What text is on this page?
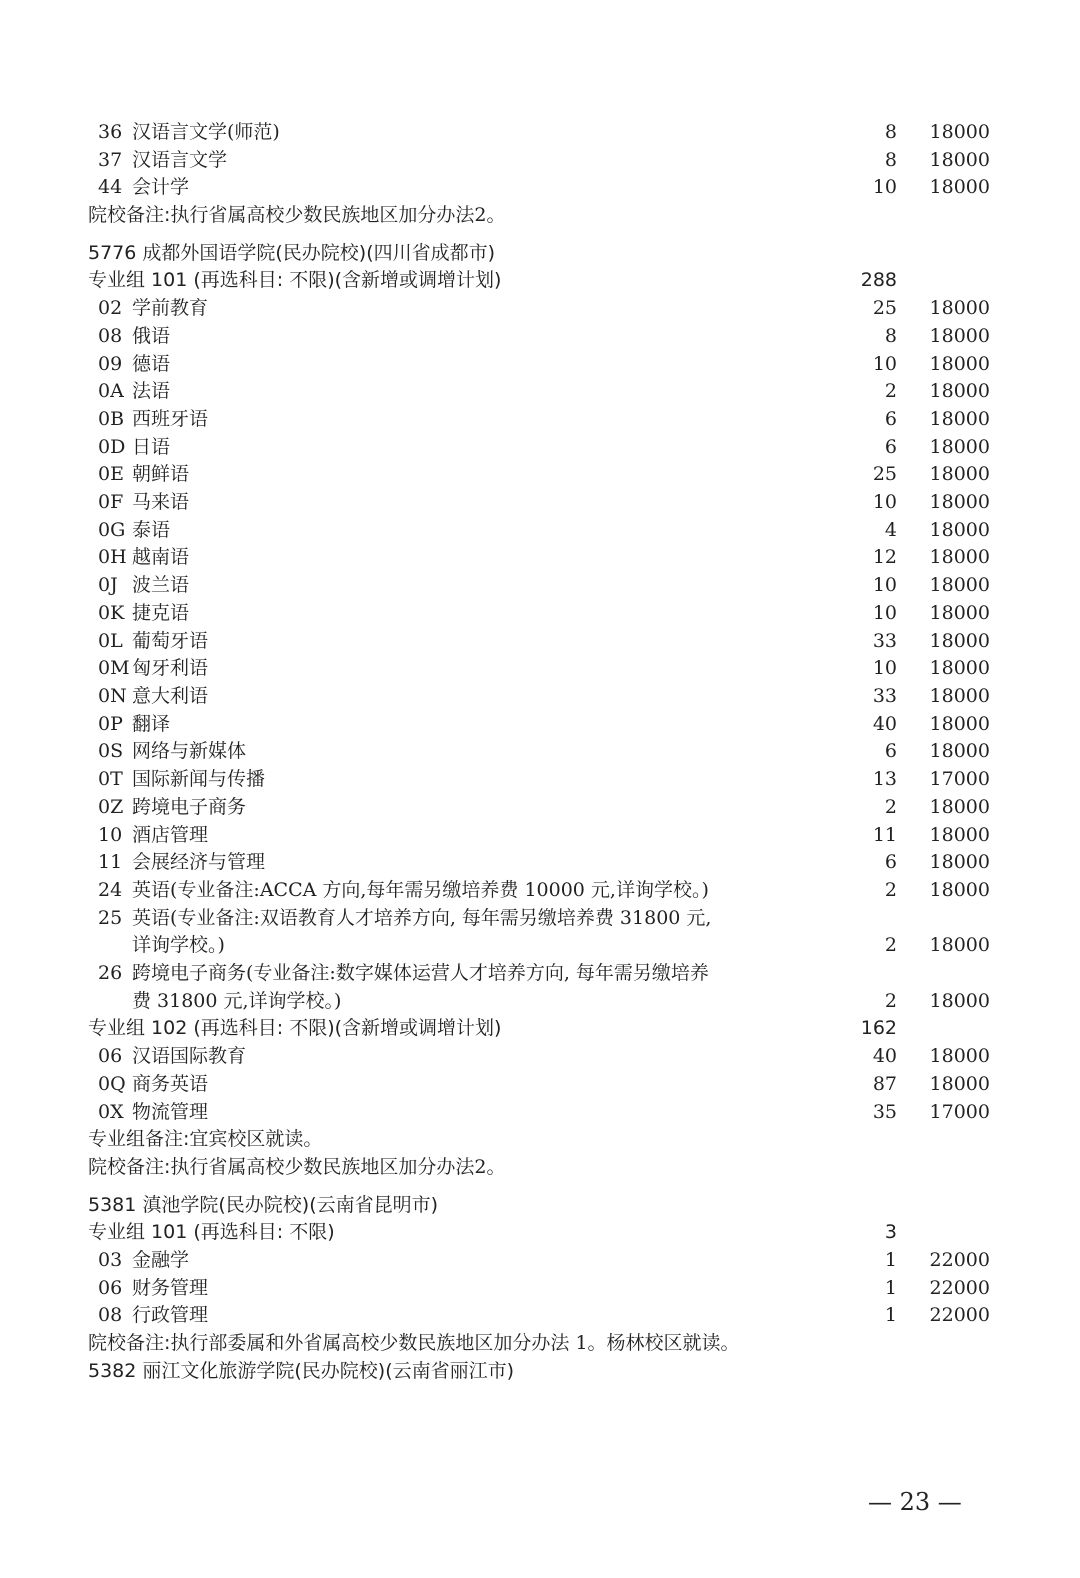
36 汉语言文学(师范)	8	18000
37 汉语言文学	8	18000
44 会计学	10	18000
院校备注:执行省属高校少数民族地区加分办法2。
5776 成都外国语学院(民办院校)(四川省成都市)
专业组 101 (再选科目: 不限)(含新增或调增计划)	288
02 学前教育	25	18000
08 俄语	8	18000
09 德语	10	18000
0A 法语	2	18000
0B 西班牙语	6	18000
0D 日语	6	18000
0E 朝鲜语	25	18000
0F 马来语	10	18000
0G 泰语	4	18000
0H 越南语	12	18000
0J 波兰语	10	18000
0K 捷克语	10	18000
0L 葡萄牙语	33	18000
0M 匈牙利语	10	18000
0N 意大利语	33	18000
0P 翻译	40	18000
0S 网络与新媒体	6	18000
0T 国际新闻与传播	13	17000
0Z 跨境电子商务	2	18000
10 酒店管理	11	18000
11 会展经济与管理	6	18000
24 英语(专业备注:ACCA 方向,每年需另缴培养费 10000 元,详询学校。)	2	18000
25 英语(专业备注:双语教育人才培养方向, 每年需另缴培养费 31800 元,
详询学校。)	2	18000
26 跨境电子商务(专业备注:数字媒体运营人才培养方向, 每年需另缴培养
费 31800 元,详询学校。)	2	18000
专业组 102 (再选科目: 不限)(含新增或调增计划)	162
06 汉语国际教育	40	18000
0Q 商务英语	87	18000
0X 物流管理	35	17000
专业组备注:宜宾校区就读。
院校备注:执行省属高校少数民族地区加分办法2。
5381 滇池学院(民办院校)(云南省昆明市)
专业组 101 (再选科目: 不限)	3
03 金融学	1	22000
06 财务管理	1	22000
08 行政管理	1	22000
院校备注:执行部委属和外省属高校少数民族地区加分办法 1。杨林校区就读。
5382 丽江文化旅游学院(民办院校)(云南省丽江市)
— 23 —
